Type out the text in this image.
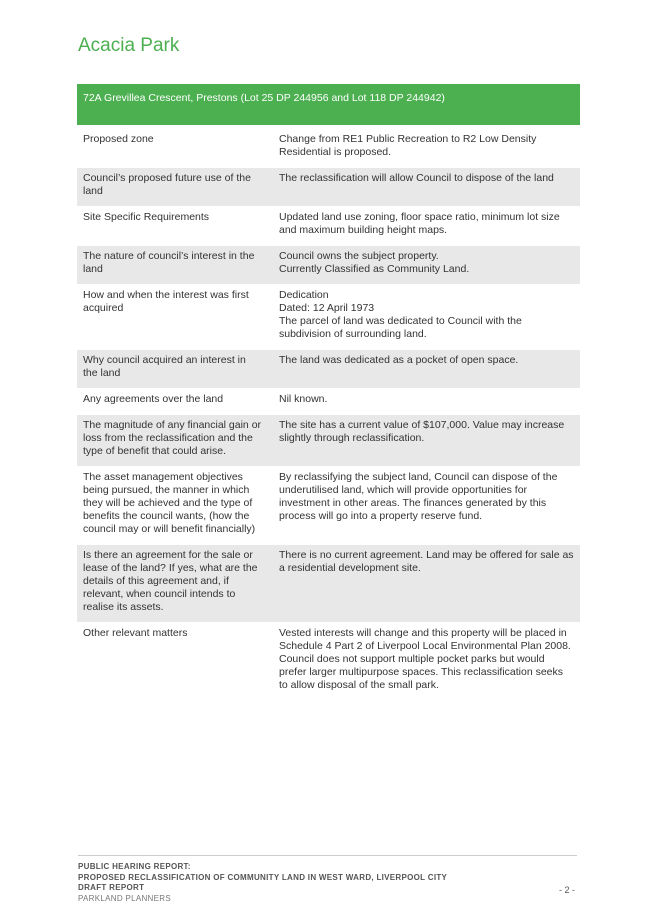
Acacia Park
72A Grevillea Crescent, Prestons (Lot 25 DP 244956 and Lot 118 DP 244942)	

Proposed zone	Change from RE1 Public Recreation to R2 Low Density Residential is proposed.

Council’s proposed future use of the land	The reclassification will allow Council to dispose of the land

Site Specific Requirements	Updated land use zoning, floor space ratio, minimum lot size and maximum building height maps.

The nature of council’s interest in the land	Council owns the subject property.
Currently Classified as Community Land.

How and when the interest was first acquired	Dedication
Dated: 12 April 1973
The parcel of land was dedicated to Council with the subdivision of surrounding land.

Why council acquired an interest in the land	The land was dedicated as a pocket of open space.

Any agreements over the land	Nil known.

The magnitude of any financial gain or loss from the reclassification and the type of benefit that could arise.	The site has a current value of $107,000. Value may increase slightly through reclassification.

The asset management objectives being pursued, the manner in which they will be achieved and the type of benefits the council wants, (how the council may or will benefit financially)	By reclassifying the subject land, Council can dispose of the underutilised land, which will provide opportunities for investment in other areas. The finances generated by this process will go into a property reserve fund.

Is there an agreement for the sale or lease of the land? If yes, what are the details of this agreement and, if relevant, when council intends to realise its assets.	There is no current agreement. Land may be offered for sale as a residential development site.

Other relevant matters	Vested interests will change and this property will be placed in Schedule 4 Part 2 of Liverpool Local Environmental Plan 2008. Council does not support multiple pocket parks but would prefer larger multipurpose spaces. This reclassification seeks to allow disposal of the small park.
PUBLIC HEARING REPORT:
PROPOSED RECLASSIFICATION OF COMMUNITY LAND IN WEST WARD, LIVERPOOL CITY
DRAFT REPORT
PARKLAND PLANNERS
- 2 -
